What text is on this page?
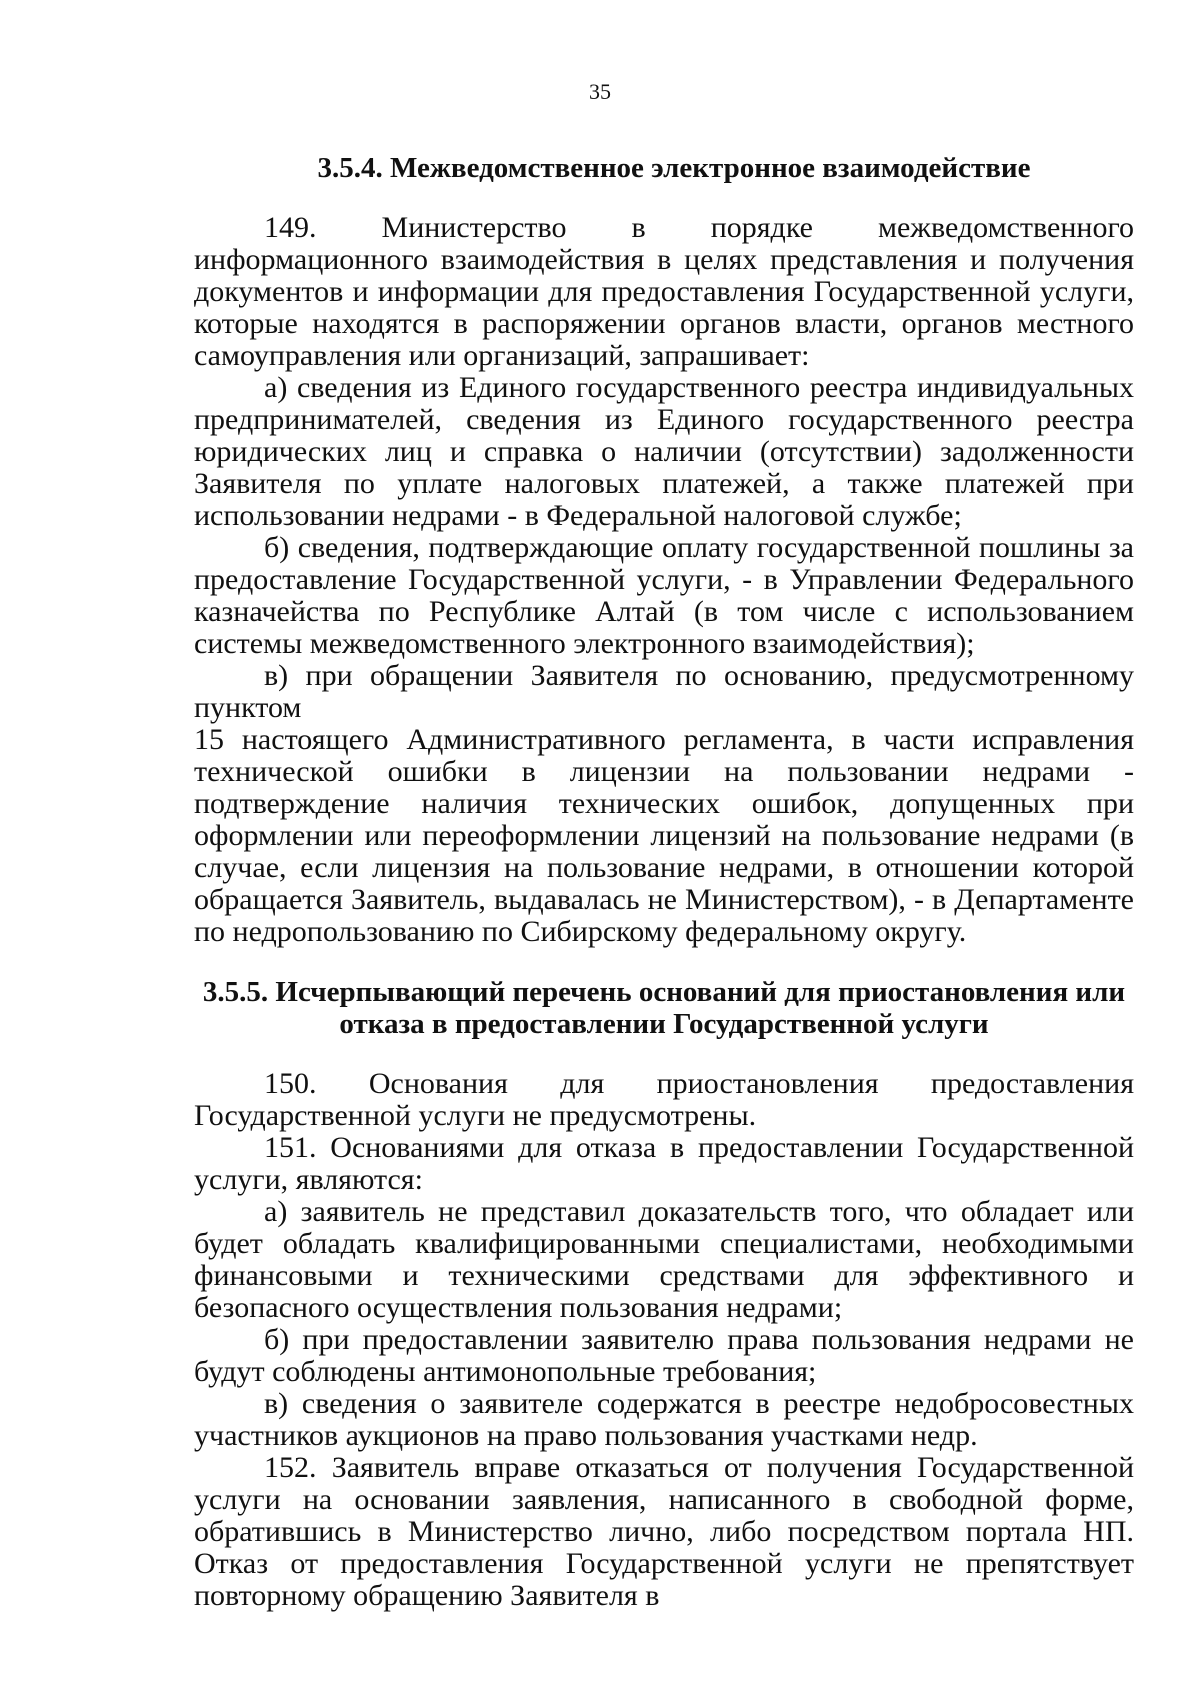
35
3.5.4. Межведомственное электронное взаимодействие

149. Министерство в порядке межведомственного информационного взаимодействия в целях представления и получения документов и информации для предоставления Государственной услуги, которые находятся в распоряжении органов власти, органов местного самоуправления или организаций, запрашивает:

а) сведения из Единого государственного реестра индивидуальных предпринимателей, сведения из Единого государственного реестра юридических лиц и справка о наличии (отсутствии) задолженности Заявителя по уплате налоговых платежей, а также платежей при использовании недрами - в Федеральной налоговой службе;

б) сведения, подтверждающие оплату государственной пошлины за предоставление Государственной услуги, - в Управлении Федерального казначейства по Республике Алтай (в том числе с использованием системы межведомственного электронного взаимодействия);

в) при обращении Заявителя по основанию, предусмотренному пунктом

15 настоящего Административного регламента, в части исправления технической ошибки в лицензии на пользовании недрами - подтверждение наличия технических ошибок, допущенных при оформлении или переоформлении лицензий на пользование недрами (в случае, если лицензия на пользование недрами, в отношении которой обращается Заявитель, выдавалась не Министерством), - в Департаменте по недропользованию по Сибирскому федеральному округу.

3.5.5. Исчерпывающий перечень оснований для приостановления или отказа в предоставлении Государственной услуги

150. Основания для приостановления предоставления Государственной услуги не предусмотрены.

151. Основаниями для отказа в предоставлении Государственной услуги, являются:

а) заявитель не представил доказательств того, что обладает или будет обладать квалифицированными специалистами, необходимыми финансовыми и техническими средствами для эффективного и безопасного осуществления пользования недрами;

б) при предоставлении заявителю права пользования недрами не будут соблюдены антимонопольные требования;

в) сведения о заявителе содержатся в реестре недобросовестных участников аукционов на право пользования участками недр.

152. Заявитель вправе отказаться от получения Государственной услуги на основании заявления, написанного в свободной форме, обратившись в Министерство лично, либо посредством портала НП. Отказ от предоставления Государственной услуги не препятствует повторному обращению Заявителя в
